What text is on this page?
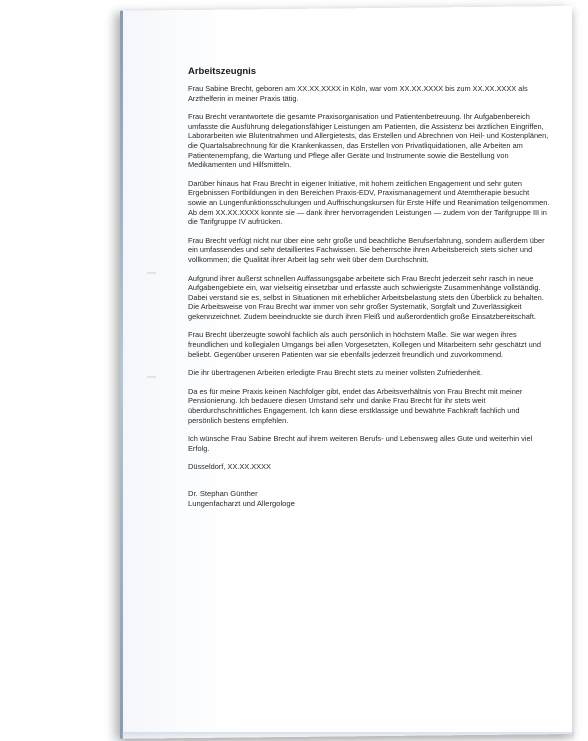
Arbeitszeugnis

Frau Sabine Brecht, geboren am XX.XX.XXXX in Köln, war vom XX.XX.XXXX bis zum XX.XX.XXXX als Arzthelferin in meiner Praxis tätig.

Frau Brecht verantwortete die gesamte Praxisorganisation und Patientenbetreuung. Ihr Aufgabenbereich umfasste die Ausführung delegationsfähiger Leistungen am Patienten, die Assistenz bei ärztlichen Eingriffen, Laborarbeiten wie Blutentnahmen und Allergietests, das Erstellen und Abrechnen von Heil- und Kostenplänen, die Quartalsabrechnung für die Krankenkassen, das Erstellen von Privatliquidationen, alle Arbeiten am Patientenempfang, die Wartung und Pflege aller Geräte und Instrumente sowie die Bestellung von Medikamenten und Hilfsmitteln.

Darüber hinaus hat Frau Brecht in eigener Initiative, mit hohem zeitlichen Engagement und sehr guten Ergebnissen Fortbildungen in den Bereichen Praxis-EDV, Praxismanagement und Atemtherapie besucht sowie an Lungenfunktionsschulungen und Auffrischungskursen für Erste Hilfe und Reanimation teilgenommen. Ab dem XX.XX.XXXX konnte sie — dank ihrer hervorragenden Leistungen — zudem von der Tarifgruppe III in die Tarifgruppe IV aufrücken.

Frau Brecht verfügt nicht nur über eine sehr große und beachtliche Berufserfahrung, sondern außerdem über ein umfassendes und sehr detailliertes Fachwissen. Sie beherrschte ihren Arbeitsbereich stets sicher und vollkommen; die Qualität ihrer Arbeit lag sehr weit über dem Durchschnitt.

Aufgrund ihrer äußerst schnellen Auffassungsgabe arbeitete sich Frau Brecht jederzeit sehr rasch in neue Aufgabengebiete ein, war vielseitig einsetzbar und erfasste auch schwierigste Zusammenhänge vollständig. Dabei verstand sie es, selbst in Situationen mit erheblicher Arbeitsbelastung stets den Überblick zu behalten. Die Arbeitsweise von Frau Brecht war immer von sehr großer Systematik, Sorgfalt und Zuverlässigkeit gekennzeichnet. Zudem beeindruckte sie durch ihren Fleiß und außerordentlich große Einsatzbereitschaft.

Frau Brecht überzeugte sowohl fachlich als auch persönlich in höchstem Maße. Sie war wegen ihres freundlichen und kollegialen Umgangs bei allen Vorgesetzten, Kollegen und Mitarbeitern sehr geschätzt und beliebt. Gegenüber unseren Patienten war sie ebenfalls jederzeit freundlich und zuvorkommend.

Die ihr übertragenen Arbeiten erledigte Frau Brecht stets zu meiner vollsten Zufriedenheit.

Da es für meine Praxis keinen Nachfolger gibt, endet das Arbeitsverhältnis von Frau Brecht mit meiner Pensionierung. Ich bedauere diesen Umstand sehr und danke Frau Brecht für ihr stets weit überdurchschnittliches Engagement. Ich kann diese erstklassige und bewährte Fachkraft fachlich und persönlich bestens empfehlen.

Ich wünsche Frau Sabine Brecht auf ihrem weiteren Berufs- und Lebensweg alles Gute und weiterhin viel Erfolg.

Düsseldorf, XX.XX.XXXX

Dr. Stephan Günther

Lungenfacharzt und Allergologe
